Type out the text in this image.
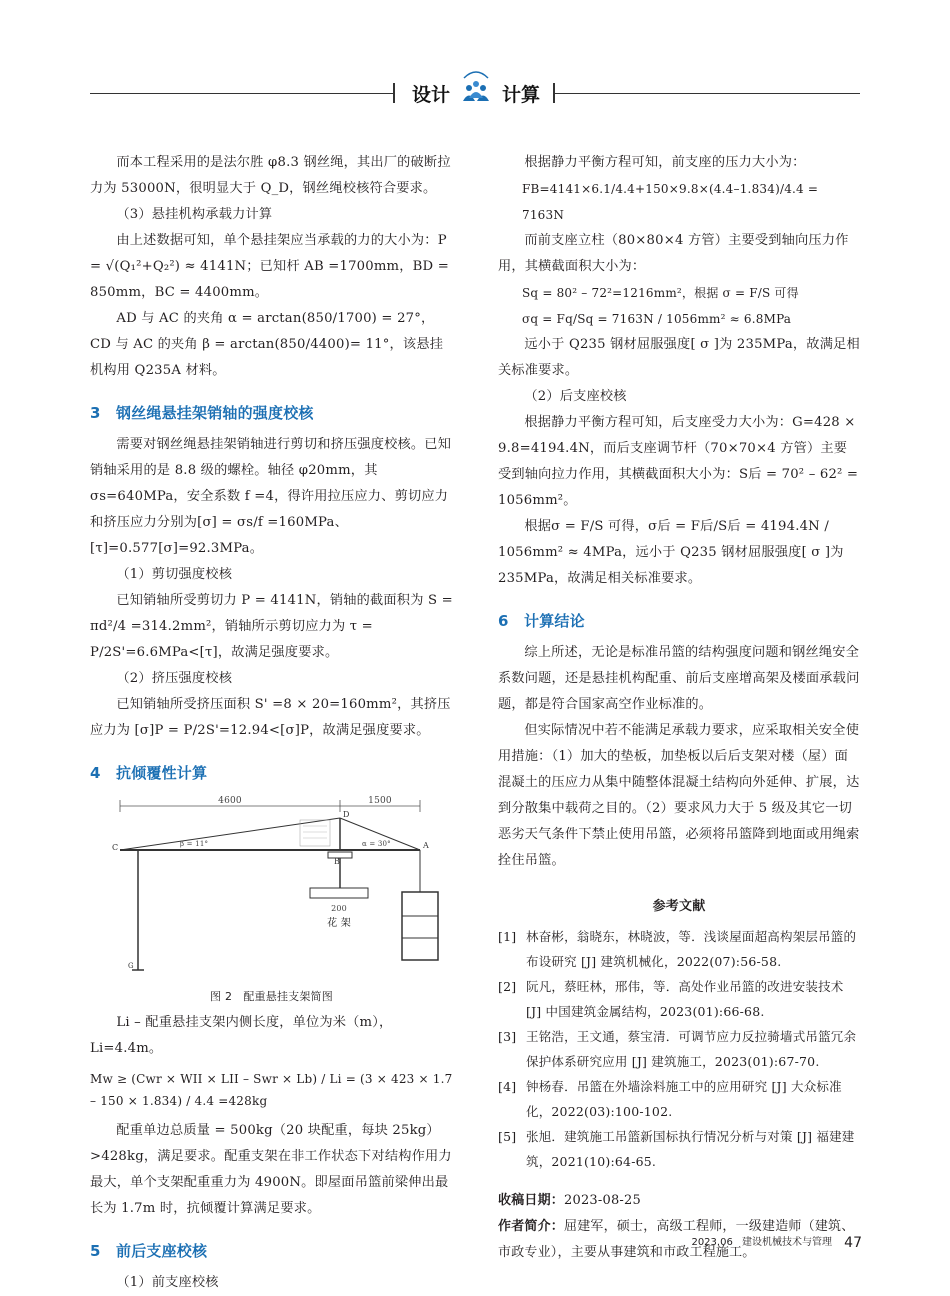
设计	计算

而本工程采用的是法尔胜 φ8.3 钢丝绳，其出厂的破断拉力为 53000N，很明显大于 Q_D，钢丝绳校核符合要求。

（3）悬挂机构承载力计算

由上述数据可知，单个悬挂架应当承载的力的大小为：P = √(Q₁²+Q₂²) ≈ 4141N；已知杆 AB =1700mm，BD = 850mm，BC = 4400mm。

AD 与 AC 的夹角 α = arctan(850/1700) = 27°，CD 与 AC 的夹角 β = arctan(850/4400)= 11°，该悬挂机构用 Q235A 材料。

3 钢丝绳悬挂架销轴的强度校核

需要对钢丝绳悬挂架销轴进行剪切和挤压强度校核。已知销轴采用的是 8.8 级的螺栓。轴径 φ20mm，其 σs=640MPa，安全系数 f =4，得许用拉压应力、剪切应力和挤压应力分别为[σ] = σs/f =160MPa、[τ]=0.577[σ]=92.3MPa。

（1）剪切强度校核

已知销轴所受剪切力 P = 4141N，销轴的截面积为 S = πd²/4 =314.2mm²，销轴所示剪切应力为 τ = P/2S'=6.6MPa<[τ]，故满足强度要求。

（2）挤压强度校核

已知销轴所受挤压面积 S' =8 × 20=160mm²，其挤压应力为 [σ]P = P/2S'=12.94<[σ]P，故满足强度要求。

4 抗倾覆性计算
4600	1500
200
花 架
C
D
B
A
G
β = 11°	α = 30°
图 2　配重悬挂支架简图

Li – 配重悬挂支架内侧长度，单位为米（m），Li=4.4m。

Mw ≥ (Cwr × WII × LII – Swr × Lb) / Li = (3 × 423 × 1.7 – 150 × 1.834) / 4.4 =428kg

配重单边总质量 = 500kg（20 块配重，每块 25kg）>428kg，满足要求。配重支架在非工作状态下对结构作用力最大，单个支架配重重力为 4900N。即屋面吊篮前梁伸出最长为 1.7m 时，抗倾覆计算满足要求。

5 前后支座校核

（1）前支座校核

根据静力平衡方程可知，前支座的压力大小为：

FB=4141×6.1/4.4+150×9.8×(4.4–1.834)/4.4 = 7163N

而前支座立柱（80×80×4 方管）主要受到轴向压力作用，其横截面积大小为：

Sq = 80² – 72²=1216mm²，根据 σ = F/S 可得

σq = Fq/Sq = 7163N / 1056mm² ≈ 6.8MPa

远小于 Q235 钢材屈服强度[ σ ]为 235MPa，故满足相关标准要求。

（2）后支座校核

根据静力平衡方程可知，后支座受力大小为：G=428 × 9.8=4194.4N，而后支座调节杆（70×70×4 方管）主要受到轴向拉力作用，其横截面积大小为：S后 = 70² – 62² = 1056mm²。

根据σ = F/S 可得，σ后 = F后/S后 = 4194.4N / 1056mm² ≈ 4MPa，远小于 Q235 钢材屈服强度[ σ ]为 235MPa，故满足相关标准要求。

6 计算结论

综上所述，无论是标准吊篮的结构强度问题和钢丝绳安全系数问题，还是悬挂机构配重、前后支座增高架及楼面承载问题，都是符合国家高空作业标准的。

但实际情况中若不能满足承载力要求，应采取相关安全使用措施：（1）加大的垫板，加垫板以后后支架对楼（屋）面混凝土的压应力从集中随整体混凝土结构向外延伸、扩展，达到分散集中载荷之目的。（2）要求风力大于 5 级及其它一切恶劣天气条件下禁止使用吊篮，必须将吊篮降到地面或用绳索拴住吊篮。

参考文献
[1] 林奋彬，翁晓东，林晓波，等．浅谈屋面超高构架层吊篮的布设研究 [J] 建筑机械化，2022(07):56-58.
[2] 阮凡，蔡旺林，邢伟，等．高处作业吊篮的改进安装技术 [J] 中国建筑金属结构，2023(01):66-68.
[3] 王铭浩，王文通，蔡宝清．可调节应力反拉骑墙式吊篮冗余保护体系研究应用 [J] 建筑施工，2023(01):67-70.
[4] 钟杨春．吊篮在外墙涂料施工中的应用研究 [J] 大众标准化，2022(03):100-102.
[5] 张旭．建筑施工吊篮新国标执行情况分析与对策 [J] 福建建筑，2021(10):64-65.

收稿日期：2023-08-25

作者简介：屈建军，硕士，高级工程师，一级建造师（建筑、市政专业），主要从事建筑和市政工程施工。

2023.06 建设机械技术与管理 47
